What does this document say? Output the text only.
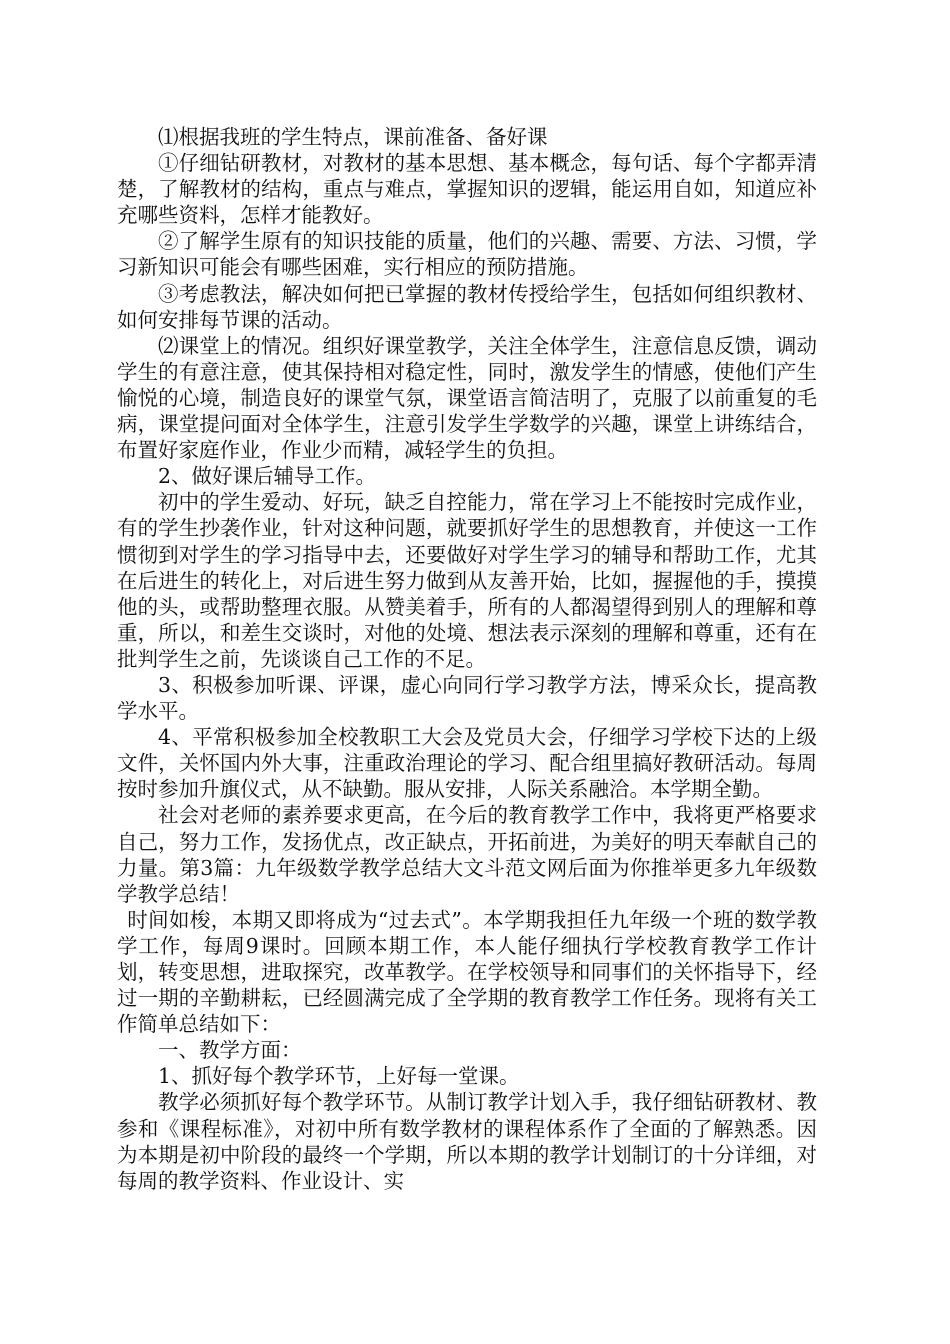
⑴根据我班的学生特点，课前准备、备好课

①仔细钻研教材，对教材的基本思想、基本概念，每句话、每个字都弄清楚，了解教材的结构，重点与难点，掌握知识的逻辑，能运用自如，知道应补充哪些资料，怎样才能教好。

②了解学生原有的知识技能的质量，他们的兴趣、需要、方法、习惯，学习新知识可能会有哪些困难，实行相应的预防措施。

③考虑教法，解决如何把已掌握的教材传授给学生，包括如何组织教材、如何安排每节课的活动。

⑵课堂上的情况。组织好课堂教学，关注全体学生，注意信息反馈，调动学生的有意注意，使其保持相对稳定性，同时，激发学生的情感，使他们产生愉悦的心境，制造良好的课堂气氛，课堂语言简洁明了，克服了以前重复的毛病，课堂提问面对全体学生，注意引发学生学数学的兴趣，课堂上讲练结合，布置好家庭作业，作业少而精，减轻学生的负担。

2、做好课后辅导工作。

初中的学生爱动、好玩，缺乏自控能力，常在学习上不能按时完成作业，有的学生抄袭作业，针对这种问题，就要抓好学生的思想教育，并使这一工作惯彻到对学生的学习指导中去，还要做好对学生学习的辅导和帮助工作，尤其在后进生的转化上，对后进生努力做到从友善开始，比如，握握他的手，摸摸他的头，或帮助整理衣服。从赞美着手，所有的人都渴望得到别人的理解和尊重，所以，和差生交谈时，对他的处境、想法表示深刻的理解和尊重，还有在批判学生之前，先谈谈自己工作的不足。

3、积极参加听课、评课，虚心向同行学习教学方法，博采众长，提高教学水平。

4、平常积极参加全校教职工大会及党员大会，仔细学习学校下达的上级文件，关怀国内外大事，注重政治理论的学习、配合组里搞好教研活动。每周按时参加升旗仪式，从不缺勤。服从安排，人际关系融洽。本学期全勤。

社会对老师的素养要求更高，在今后的教育教学工作中，我将更严格要求自己，努力工作，发扬优点，改正缺点，开拓前进，为美好的明天奉献自己的力量。第3篇：九年级数学教学总结大文斗范文网后面为你推举更多九年级数学教学总结！

时间如梭，本期又即将成为“过去式”。本学期我担任九年级一个班的数学教学工作，每周9课时。回顾本期工作，本人能仔细执行学校教育教学工作计划，转变思想，进取探究，改革教学。在学校领导和同事们的关怀指导下，经过一期的辛勤耕耘，已经圆满完成了全学期的教育教学工作任务。现将有关工作简单总结如下：

一、教学方面：

1、抓好每个教学环节，上好每一堂课。

教学必须抓好每个教学环节。从制订教学计划入手，我仔细钻研教材、教参和《课程标准》，对初中所有数学教材的课程体系作了全面的了解熟悉。因为本期是初中阶段的最终一个学期，所以本期的教学计划制订的十分详细，对每周的教学资料、作业设计、实
